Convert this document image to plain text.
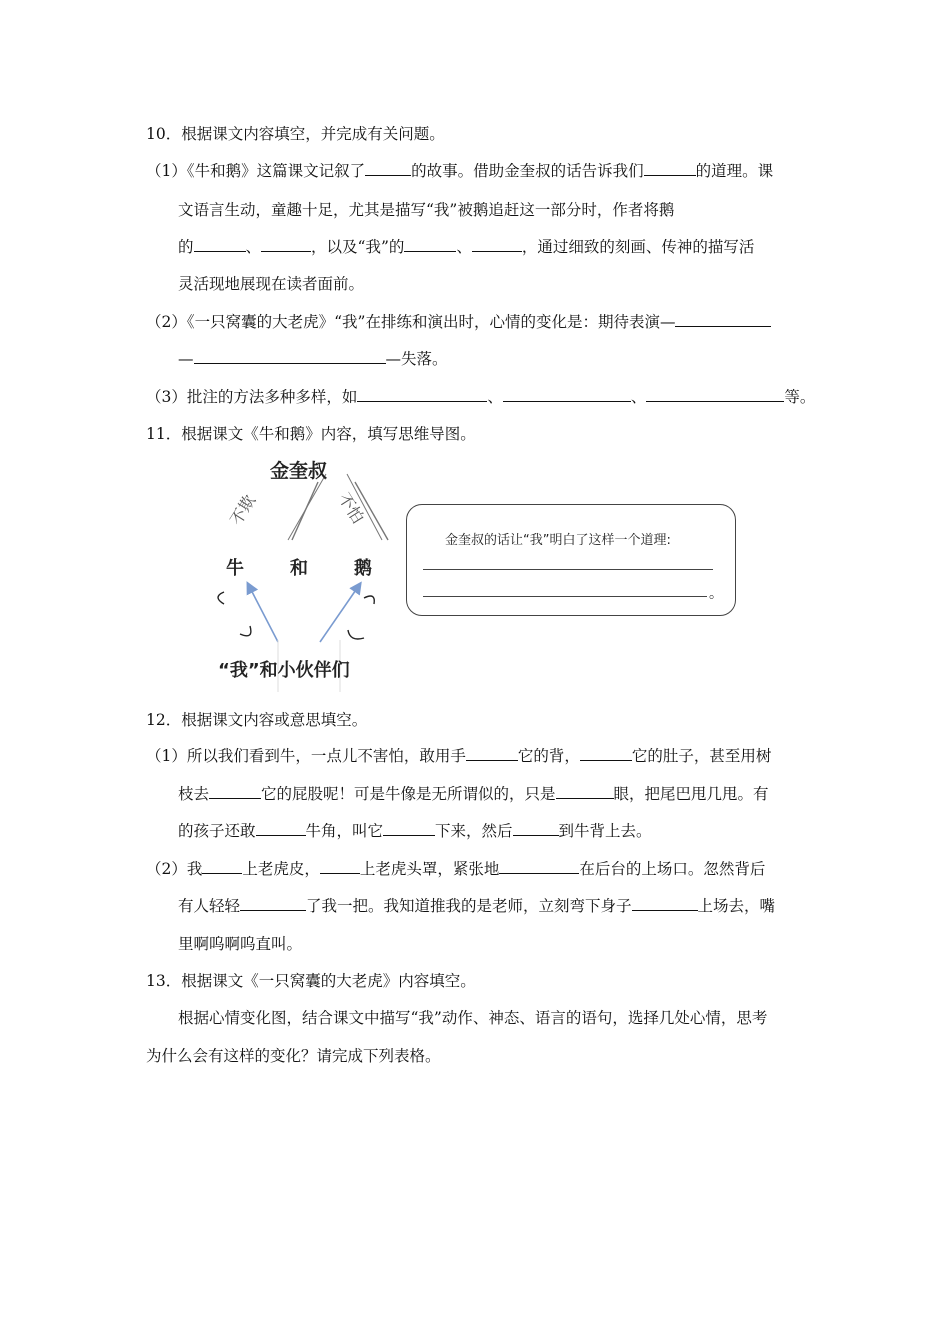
10．根据课文内容填空，并完成有关问题。
（1）《牛和鹅》这篇课文记叙了	的故事。借助金奎叔的话告诉我们	的道理。课
文语言生动，童趣十足，尤其是描写“我”被鹅追赶这一部分时，作者将鹅
的	、	，以及“我”的	、	，通过细致的刻画、传神的描写活
灵活现地展现在读者面前。
（2）《一只窝囊的大老虎》“我”在排练和演出时，心情的变化是：期待表演—
—	—失落。
（3）批注的方法多种多样，如	、	、	等。
11．根据课文《牛和鹅》内容，填写思维导图。
金奎叔
不欺	不怕
牛	和	鹅
“我”和小伙伴们
金奎叔的话让“我”明白了这样一个道理:
。
12．根据课文内容或意思填空。
（1）所以我们看到牛，一点儿不害怕，敢用手	它的背，	它的肚子，甚至用树
枝去	它的屁股呢！可是牛像是无所谓似的，只是	眼，把尾巴甩几甩。有
的孩子还敢	牛角，叫它	下来，然后	到牛背上去。
（2）我	上老虎皮，	上老虎头罩，紧张地	在后台的上场口。忽然背后
有人轻轻	了我一把。我知道推我的是老师，立刻弯下身子	上场去，嘴
里啊呜啊呜直叫。
13．根据课文《一只窝囊的大老虎》内容填空。
根据心情变化图，结合课文中描写“我”动作、神态、语言的语句，选择几处心情，思考
为什么会有这样的变化？请完成下列表格。
